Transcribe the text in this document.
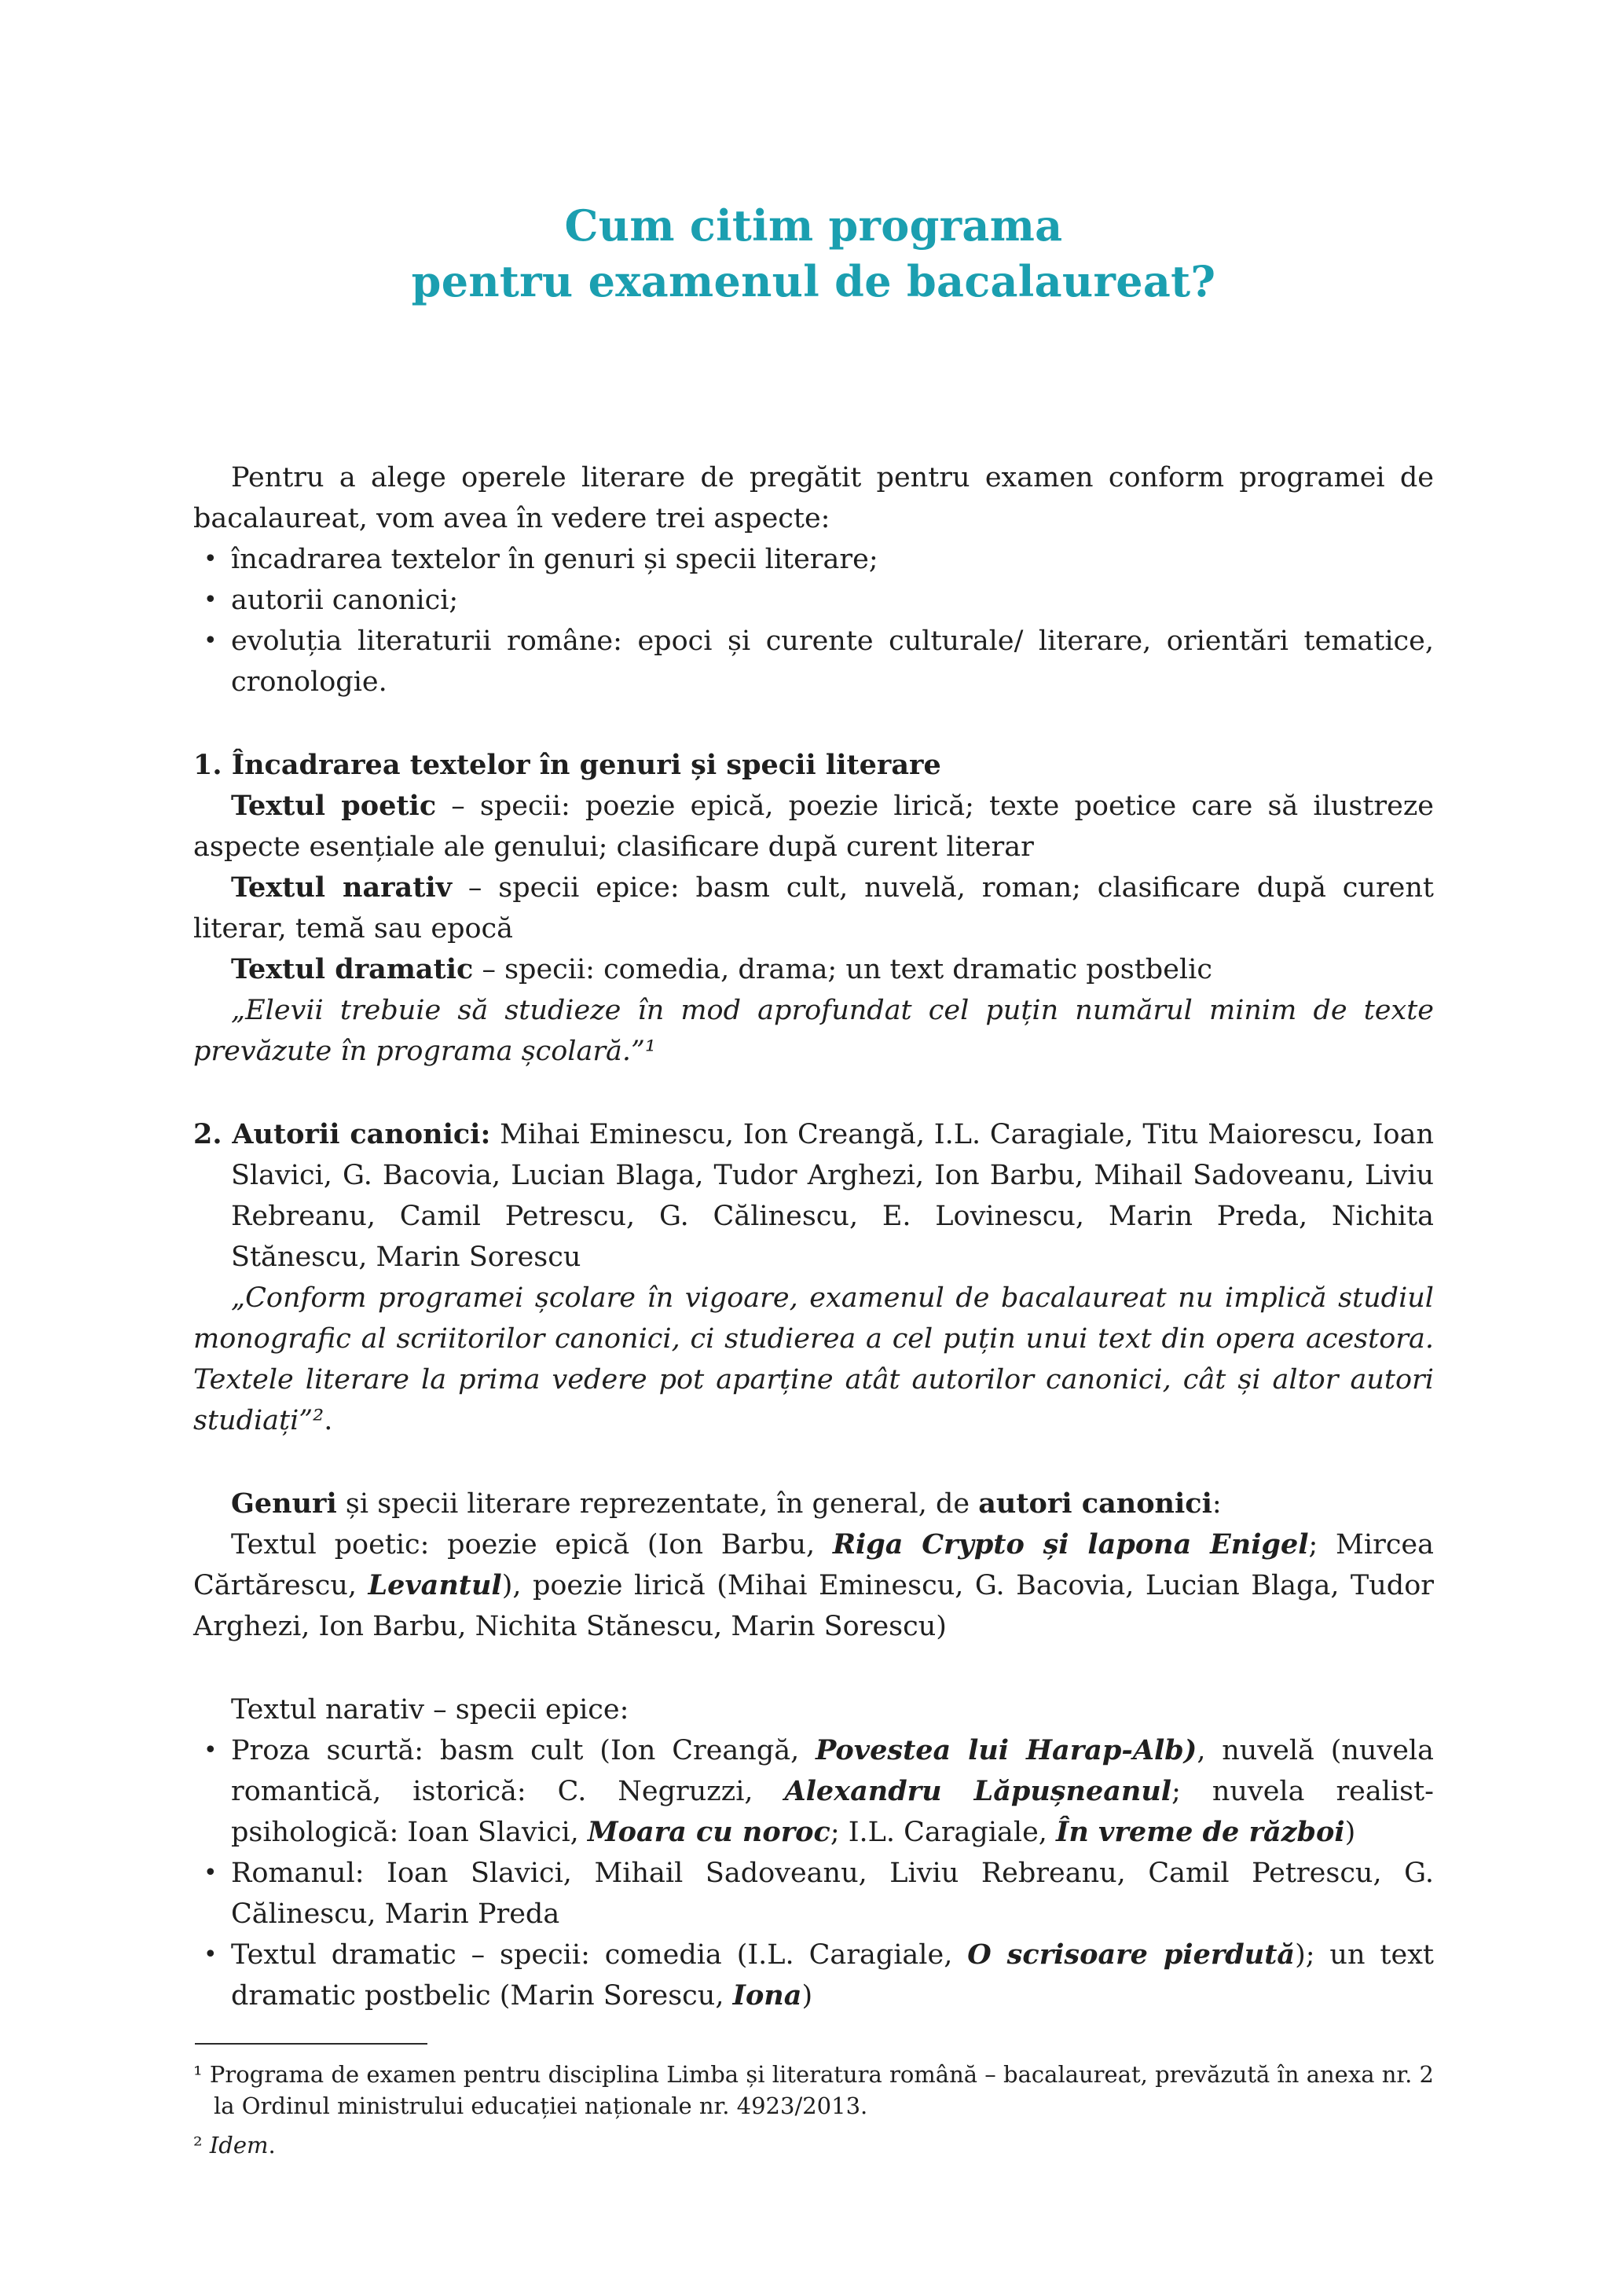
Cum citim programa
pentru examenul de bacalaureat?
Pentru a alege operele literare de pregătit pentru examen conform programei de bacalaureat, vom avea în vedere trei aspecte:
• încadrarea textelor în genuri și specii literare;
• autorii canonici;
• evoluția literaturii române: epoci și curente culturale/ literare, orientări tematice, cronologie.
1. Încadrarea textelor în genuri și specii literare
Textul poetic – specii: poezie epică, poezie lirică; texte poetice care să ilustreze aspecte esențiale ale genului; clasificare după curent literar
Textul narativ – specii epice: basm cult, nuvelă, roman; clasificare după curent literar, temă sau epocă
Textul dramatic – specii: comedia, drama; un text dramatic postbelic
„Elevii trebuie să studieze în mod aprofundat cel puțin numărul minim de texte prevăzute în programa școlară.”¹
2. Autorii canonici: Mihai Eminescu, Ion Creangă, I.L. Caragiale, Titu Maiorescu, Ioan Slavici, G. Bacovia, Lucian Blaga, Tudor Arghezi, Ion Barbu, Mihail Sadoveanu, Liviu Rebreanu, Camil Petrescu, G. Călinescu, E. Lovinescu, Marin Preda, Nichita Stănescu, Marin Sorescu
„Conform programei școlare în vigoare, examenul de bacalaureat nu implică studiul monografic al scriitorilor canonici, ci studierea a cel puțin unui text din opera acestora. Textele literare la prima vedere pot aparține atât autorilor canonici, cât și altor autori studiați”².
Genuri și specii literare reprezentate, în general, de autori canonici:
Textul poetic: poezie epică (Ion Barbu, Riga Crypto și lapona Enigel; Mircea Cărtărescu, Levantul), poezie lirică (Mihai Eminescu, G. Bacovia, Lucian Blaga, Tudor Arghezi, Ion Barbu, Nichita Stănescu, Marin Sorescu)
Textul narativ – specii epice:
• Proza scurtă: basm cult (Ion Creangă, Povestea lui Harap-Alb), nuvelă (nuvela romantică, istorică: C. Negruzzi, Alexandru Lăpușneanul; nuvela realist-psihologică: Ioan Slavici, Moara cu noroc; I.L. Caragiale, În vreme de război)
• Romanul: Ioan Slavici, Mihail Sadoveanu, Liviu Rebreanu, Camil Petrescu, G. Călinescu, Marin Preda
• Textul dramatic – specii: comedia (I.L. Caragiale, O scrisoare pierdută); un text dramatic postbelic (Marin Sorescu, Iona)
¹ Programa de examen pentru disciplina Limba și literatura română – bacalaureat, prevăzută în anexa nr. 2 la Ordinul ministrului educației naționale nr. 4923/2013.
² Idem.
